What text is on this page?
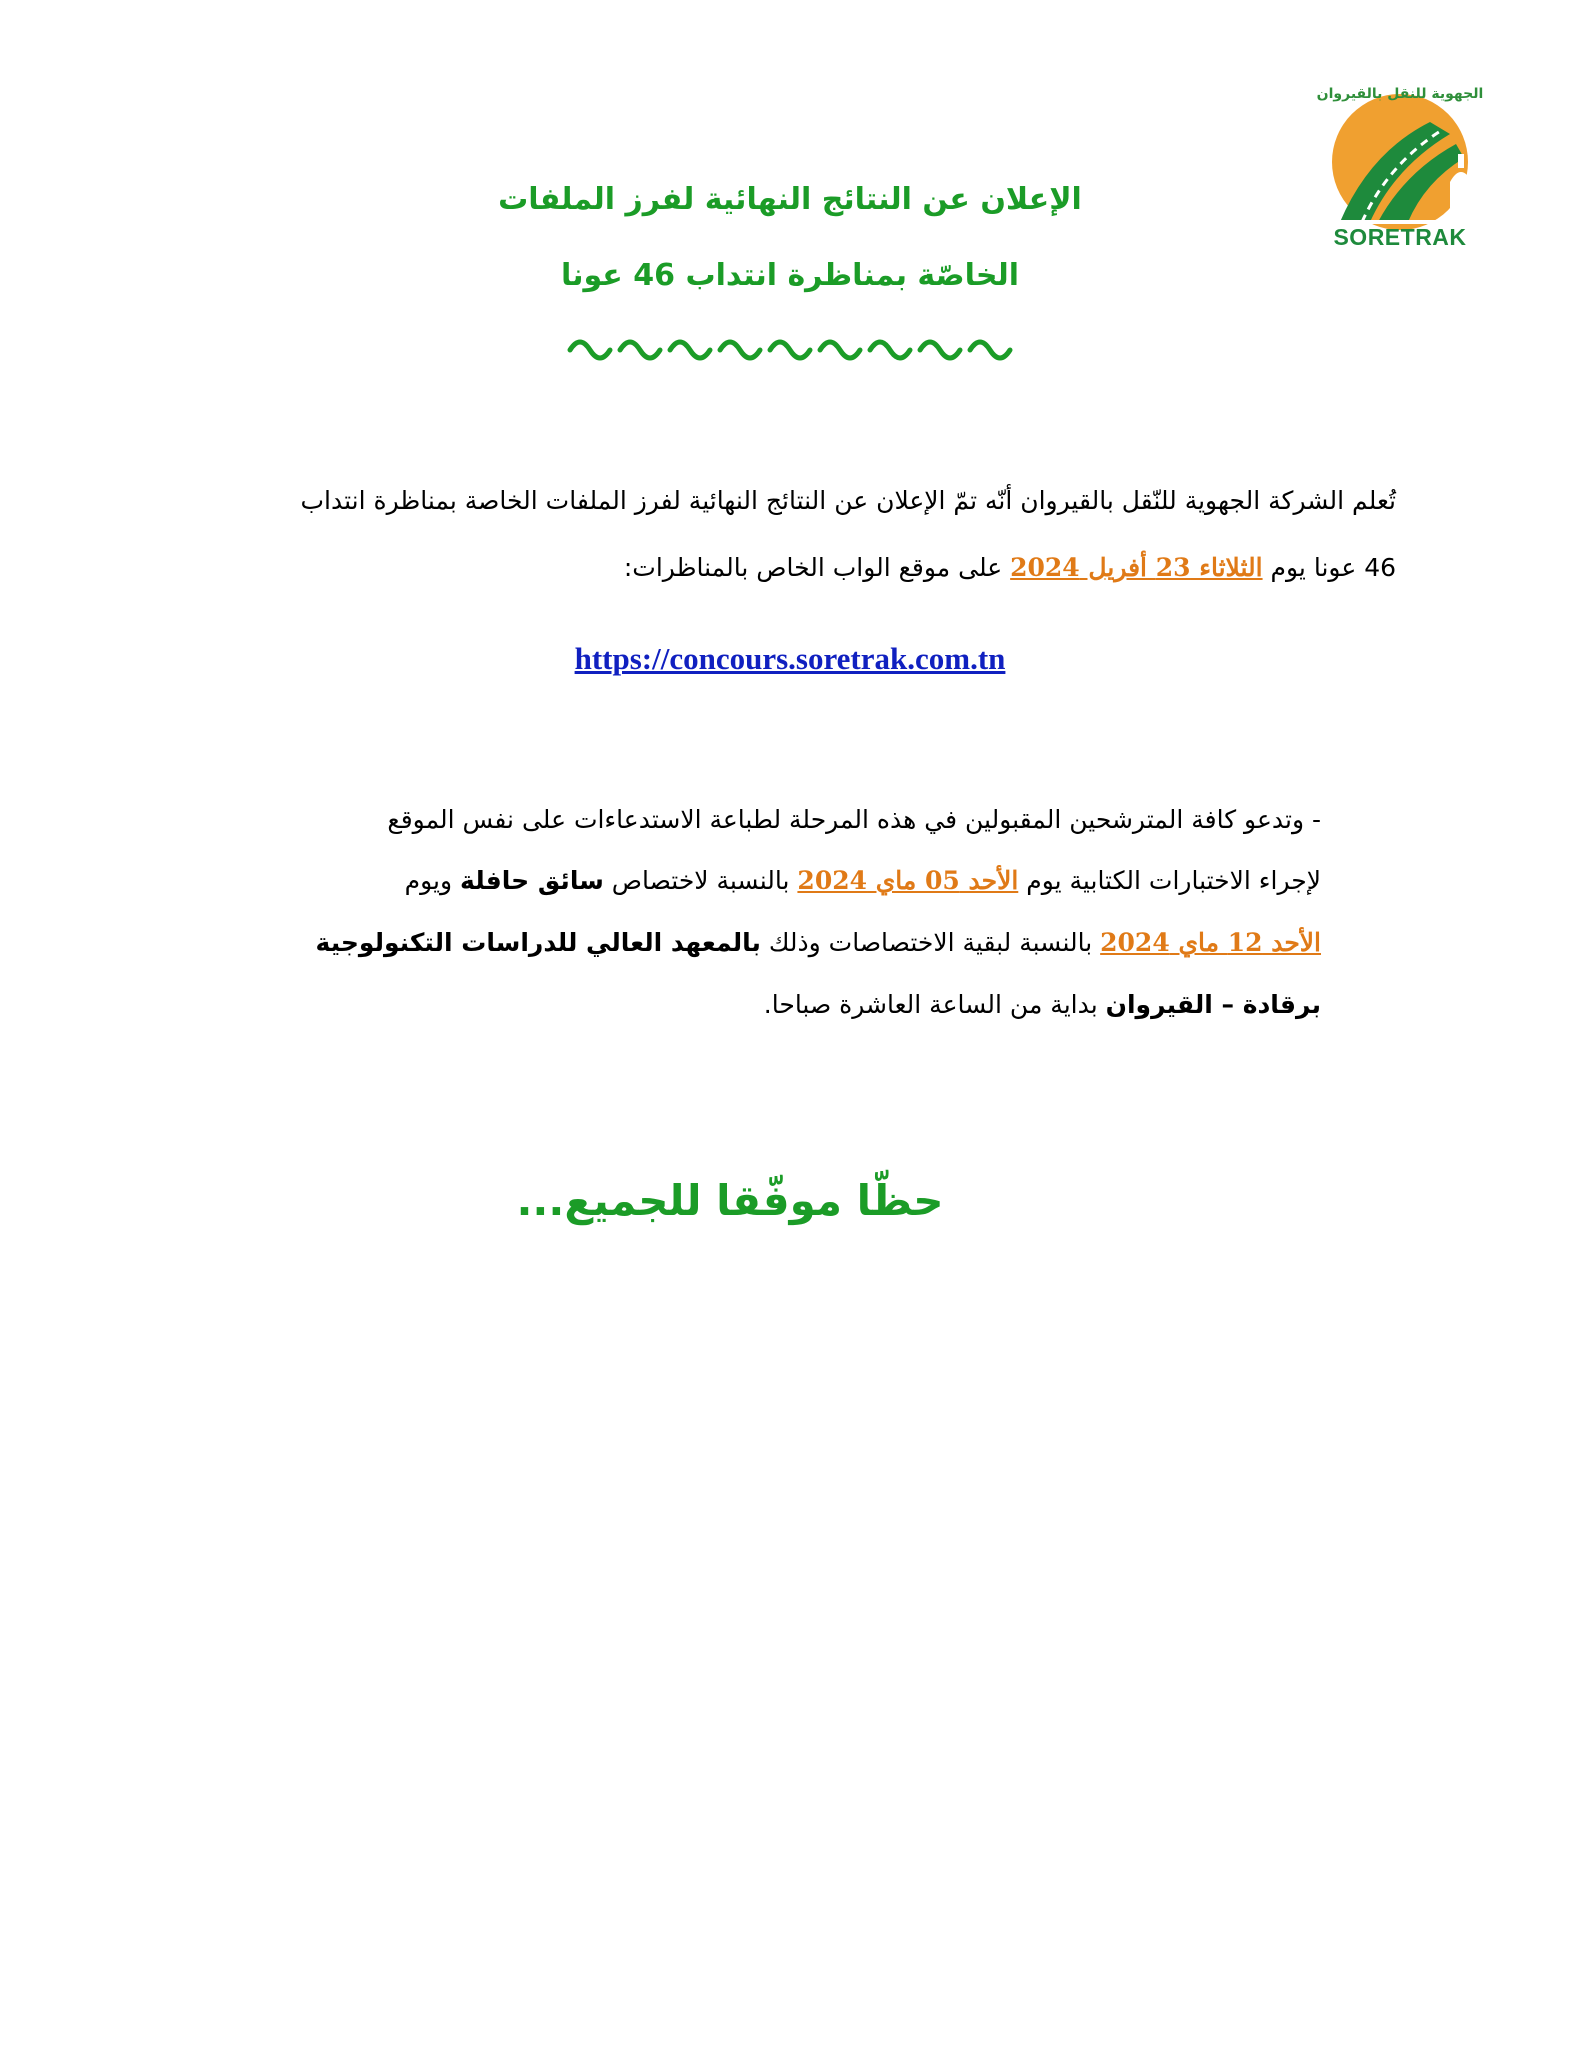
الجهوية للنقل بالقيروان
SORETRAK
الإعلان عن النتائج النهائية لفرز الملفات
الخاصّة بمناظرة انتداب 46 عونا
تُعلم الشركة الجهوية للنّقل بالقيروان أنّه تمّ الإعلان عن النتائج النهائية لفرز الملفات الخاصة بمناظرة انتداب
46 عونا يوم الثلاثاء 23 أفريل 2024 على موقع الواب الخاص بالمناظرات:
https://concours.soretrak.com.tn
- وتدعو كافة المترشحين المقبولين في هذه المرحلة لطباعة الاستدعاءات على نفس الموقع
لإجراء الاختبارات الكتابية يوم الأحد 05 ماي 2024 بالنسبة لاختصاص سائق حافلة ويوم
الأحد 12 ماي 2024 بالنسبة لبقية الاختصاصات وذلك بالمعهد العالي للدراسات التكنولوجية
برقادة – القيروان بداية من الساعة العاشرة صباحا.
حظّا موفّقا للجميع...
